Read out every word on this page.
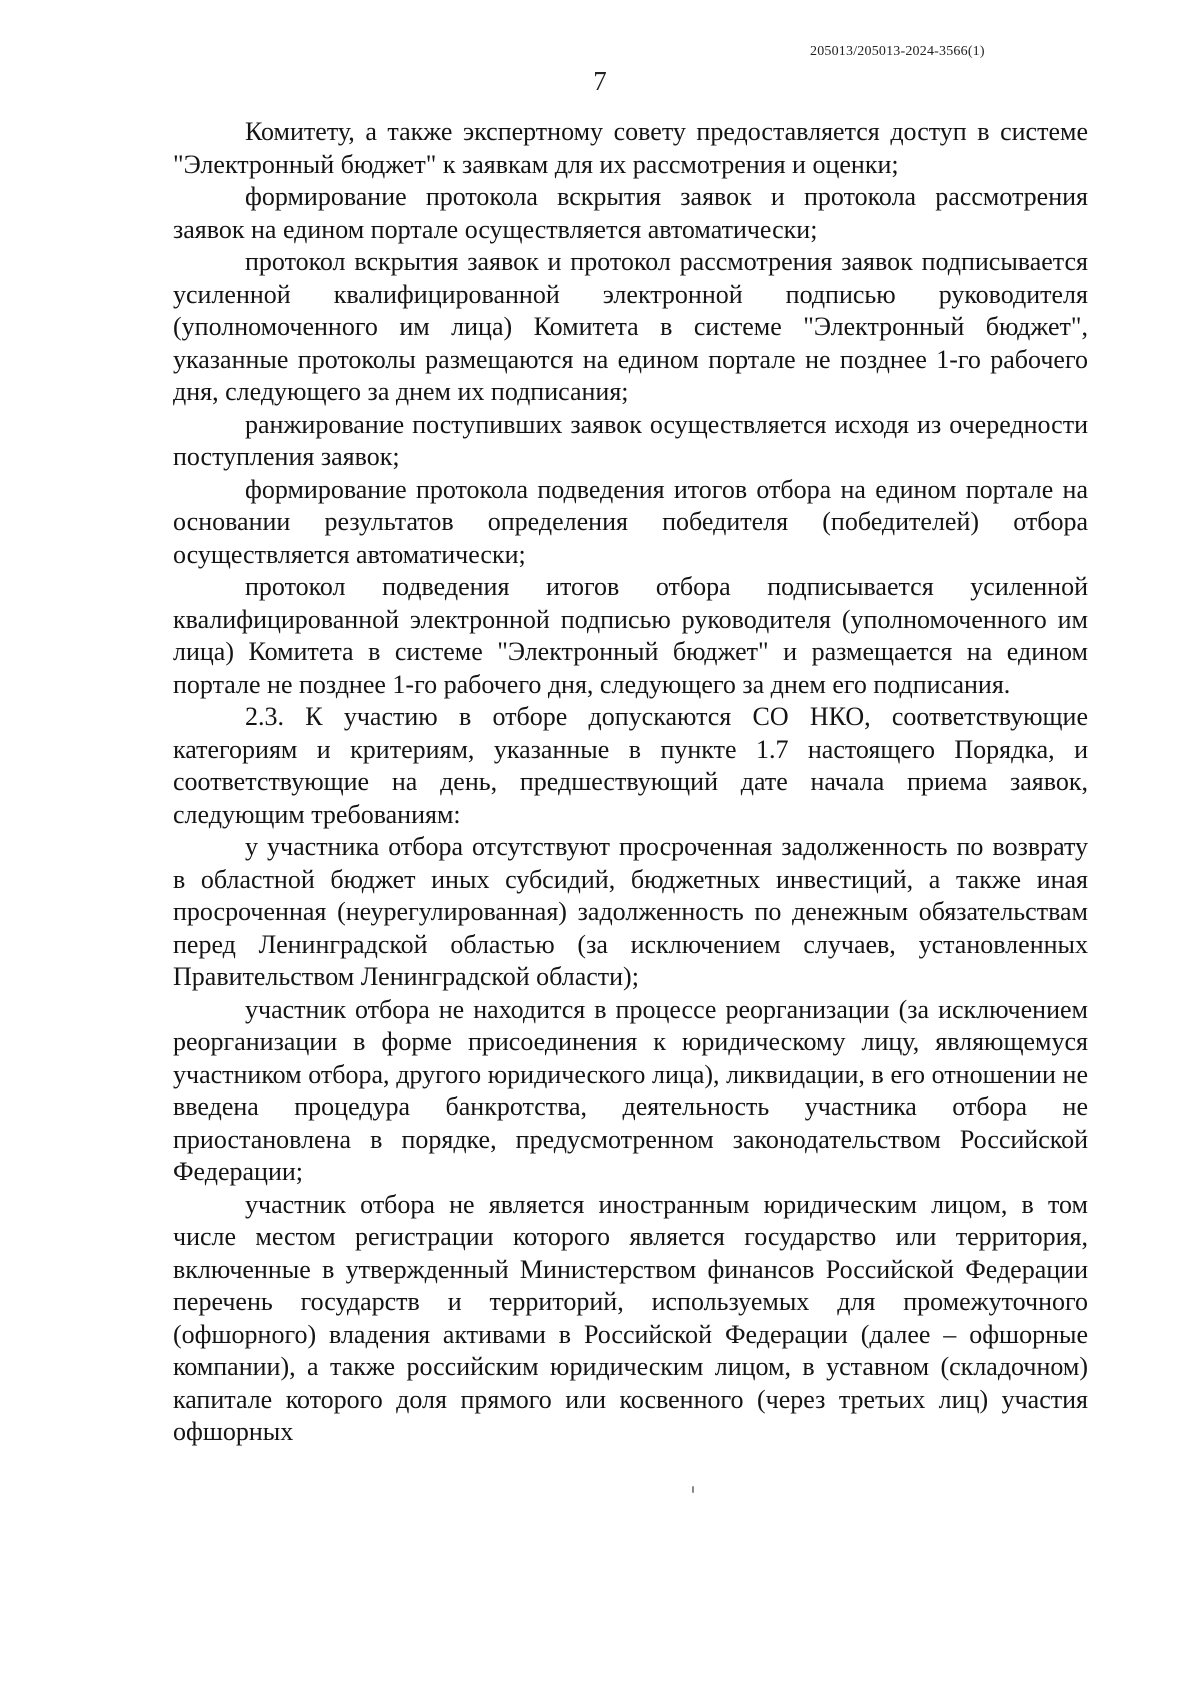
205013/205013-2024-3566(1)
7

Комитету, а также экспертному совету предоставляется доступ в системе "Электронный бюджет" к заявкам для их рассмотрения и оценки;

формирование протокола вскрытия заявок и протокола рассмотрения заявок на едином портале осуществляется автоматически;

протокол вскрытия заявок и протокол рассмотрения заявок подписывается усиленной квалифицированной электронной подписью руководителя (уполномоченного им лица) Комитета в системе "Электронный бюджет", указанные протоколы размещаются на едином портале не позднее 1-го рабочего дня, следующего за днем их подписания;

ранжирование поступивших заявок осуществляется исходя из очередности поступления заявок;

формирование протокола подведения итогов отбора на едином портале на основании результатов определения победителя (победителей) отбора осуществляется автоматически;

протокол подведения итогов отбора подписывается усиленной квалифицированной электронной подписью руководителя (уполномоченного им лица) Комитета в системе "Электронный бюджет" и размещается на едином портале не позднее 1-го рабочего дня, следующего за днем его подписания.

2.3. К участию в отборе допускаются СО НКО, соответствующие категориям и критериям, указанные в пункте 1.7 настоящего Порядка, и соответствующие на день, предшествующий дате начала приема заявок, следующим требованиям:

у участника отбора отсутствуют просроченная задолженность по возврату в областной бюджет иных субсидий, бюджетных инвестиций, а также иная просроченная (неурегулированная) задолженность по денежным обязательствам перед Ленинградской областью (за исключением случаев, установленных Правительством Ленинградской области);

участник отбора не находится в процессе реорганизации (за исключением реорганизации в форме присоединения к юридическому лицу, являющемуся участником отбора, другого юридического лица), ликвидации, в его отношении не введена процедура банкротства, деятельность участника отбора не приостановлена в порядке, предусмотренном законодательством Российской Федерации;

участник отбора не является иностранным юридическим лицом, в том числе местом регистрации которого является государство или территория, включенные в утвержденный Министерством финансов Российской Федерации перечень государств и территорий, используемых для промежуточного (офшорного) владения активами в Российской Федерации (далее – офшорные компании), а также российским юридическим лицом, в уставном (складочном) капитале которого доля прямого или косвенного (через третьих лиц) участия офшорных
